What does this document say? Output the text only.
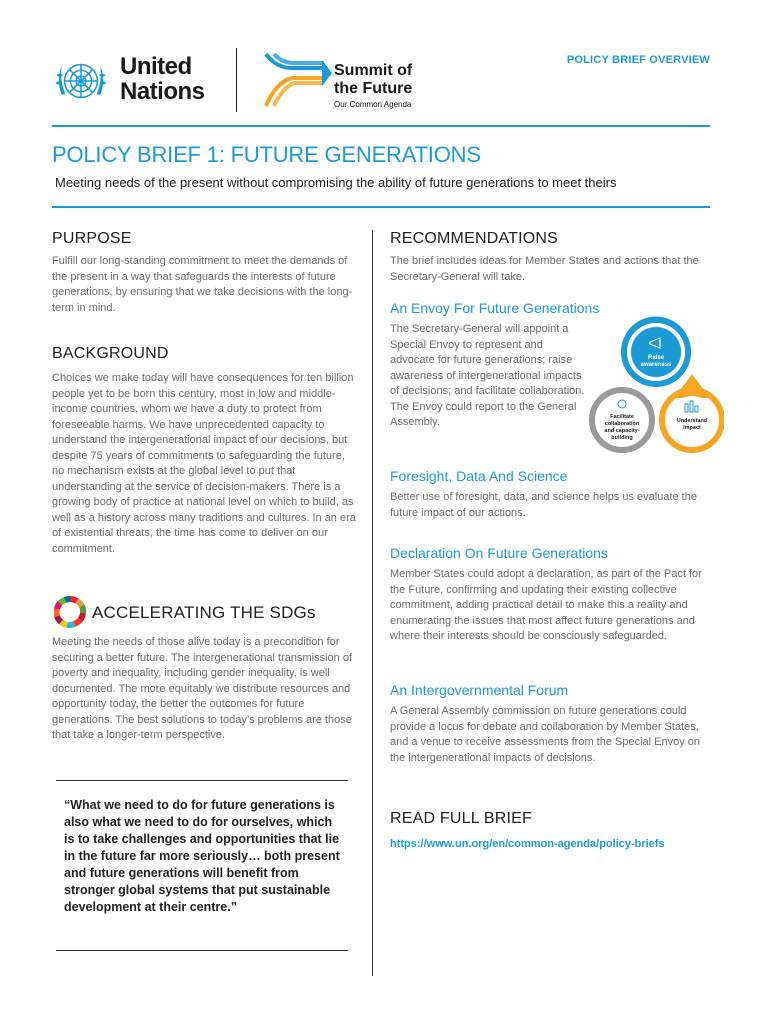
United
Nations
Summit of
the Future
Our Common Agenda
POLICY BRIEF OVERVIEW
POLICY BRIEF 1: FUTURE GENERATIONS
Meeting needs of the present without compromising the ability of future generations to meet theirs
PURPOSE

Fulfill our long-standing commitment to meet the demands of the present in a way that safeguards the interests of future generations, by ensuring that we take decisions with the long-term in mind.

BACKGROUND

Choices we make today will have consequences for ten billion people yet to be born this century, most in low and middle-income countries, whom we have a duty to protect from foreseeable harms. We have unprecedented capacity to understand the intergenerational impact of our decisions, but despite 75 years of commitments to safeguarding the future, no mechanism exists at the global level to put that understanding at the service of decision-makers. There is a growing body of practice at national level on which to build, as well as a history across many traditions and cultures. In an era of existential threats, the time has come to deliver on our commitment.

ACCELERATING THE SDGs

Meeting the needs of those alive today is a precondition for securing a better future. The intergenerational transmission of poverty and inequality, including gender inequality, is well documented. The more equitably we distribute resources and opportunity today, the better the outcomes for future generations. The best solutions to today’s problems are those that take a longer-term perspective.

“What we need to do for future generations is also what we need to do for ourselves, which is to take challenges and opportunities that lie in the future far more seriously… both present and future generations will benefit from stronger global systems that put sustainable development at their centre.”
RECOMMENDATIONS

The brief includes ideas for Member States and actions that the Secretary-General will take.

An Envoy For Future Generations

The Secretary-General will appoint a Special Envoy to represent and advocate for future generations; raise awareness of intergenerational impacts of decisions; and facilitate collaboration. The Envoy could report to the General Assembly.

Raise
awareness
Facilitate
collaboration
and capacity-
building
Understand
impact
Foresight, Data And Science

Better use of foresight, data, and science helps us evaluate the future impact of our actions.

Declaration On Future Generations

Member States could adopt a declaration, as part of the Pact for the Future, confirming and updating their existing collective commitment, adding practical detail to make this a reality and enumerating the issues that most affect future generations and where their interests should be consciously safeguarded.

An Intergovernmental Forum

A General Assembly commission on future generations could provide a locus for debate and collaboration by Member States, and a venue to receive assessments from the Special Envoy on the intergenerational impacts of decisions.

READ FULL BRIEF
https://www.un.org/en/common-agenda/policy-briefs
